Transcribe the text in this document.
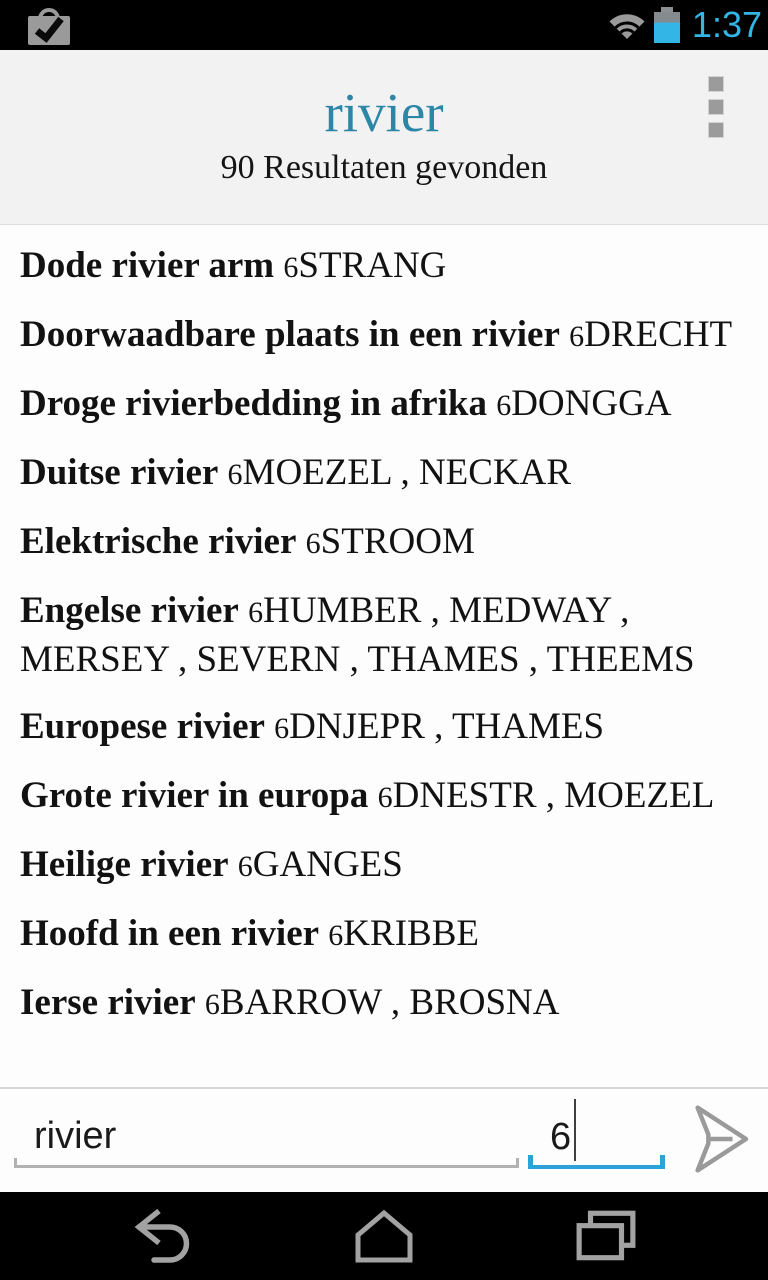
1:37
rivier
90 Resultaten gevonden
Dode rivier arm 6STRANG
Doorwaadbare plaats in een rivier 6DRECHT
Droge rivierbedding in afrika 6DONGGA
Duitse rivier 6MOEZEL , NECKAR
Elektrische rivier 6STROOM
Engelse rivier 6HUMBER , MEDWAY , MERSEY , SEVERN , THAMES , THEEMS
Europese rivier 6DNJEPR , THAMES
Grote rivier in europa 6DNESTR , MOEZEL
Heilige rivier 6GANGES
Hoofd in een rivier 6KRIBBE
Ierse rivier 6BARROW , BROSNA
rivier
6
